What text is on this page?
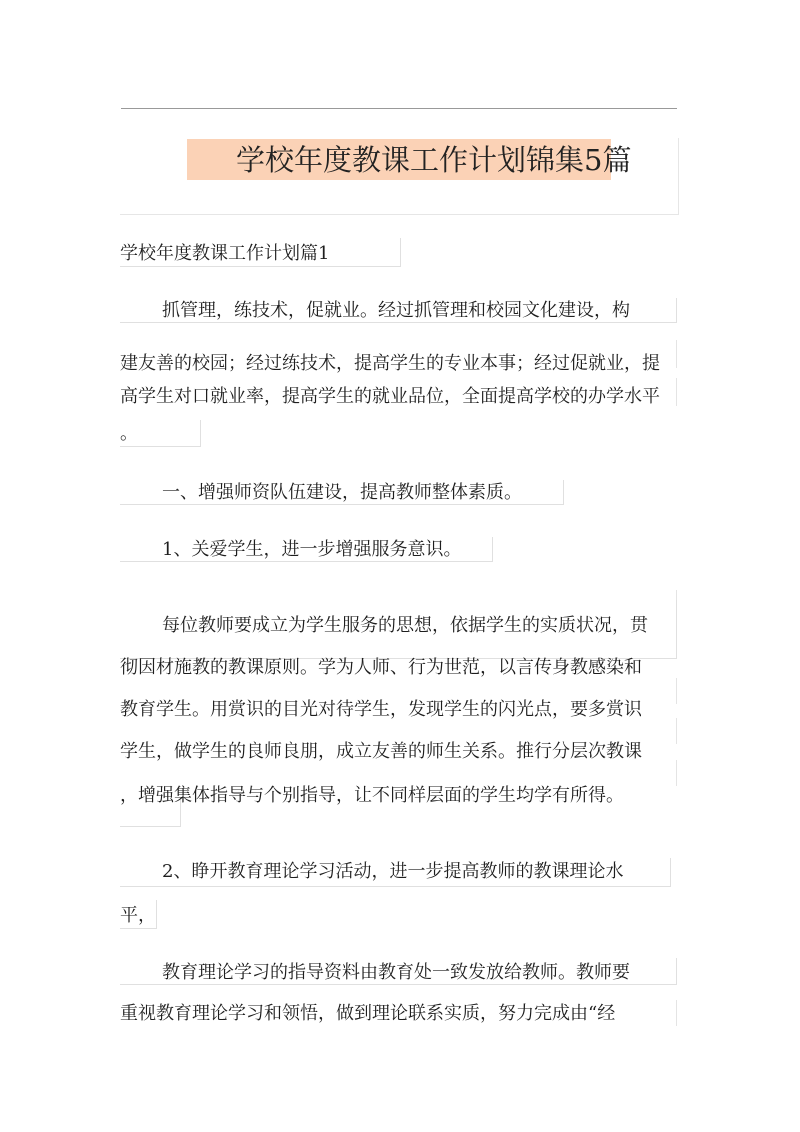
学校年度教课工作计划锦集5篇
学校年度教课工作计划篇1
抓管理，练技术，促就业。经过抓管理和校园文化建设，构
建友善的校园；经过练技术，提高学生的专业本事；经过促就业，提
高学生对口就业率，提高学生的就业品位，全面提高学校的办学水平
。
一、增强师资队伍建设，提高教师整体素质。
1、关爱学生，进一步增强服务意识。
每位教师要成立为学生服务的思想，依据学生的实质状况，贯
彻因材施教的教课原则。学为人师、行为世范，以言传身教感染和
教育学生。用赏识的目光对待学生，发现学生的闪光点，要多赏识
学生，做学生的良师良朋，成立友善的师生关系。推行分层次教课
，增强集体指导与个别指导，让不同样层面的学生均学有所得。
2、睁开教育理论学习活动，进一步提高教师的教课理论水
平，
教育理论学习的指导资料由教育处一致发放给教师。教师要
重视教育理论学习和领悟，做到理论联系实质，努力完成由“经
